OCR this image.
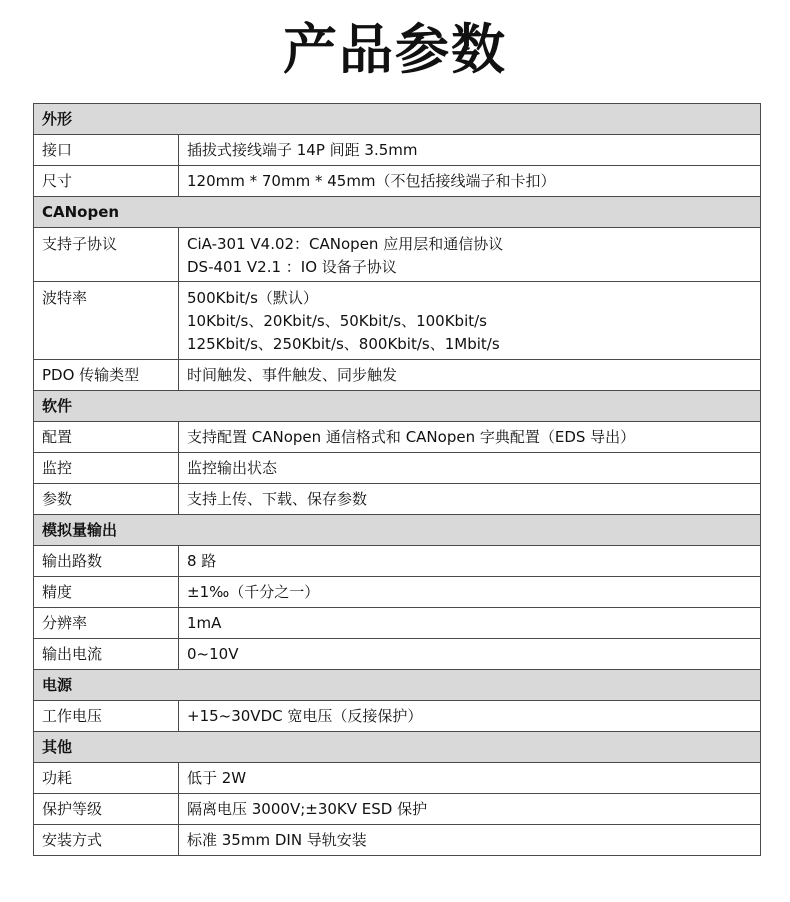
产品参数
外形	
接口	插拔式接线端子 14P 间距 3.5mm

尺寸	120mm * 70mm * 45mm（不包括接线端子和卡扣）

CANopen	
支持子协议	CiA-301 V4.02：CANopen 应用层和通信协议
DS-401 V2.1 ：IO 设备子协议

波特率	500Kbit/s（默认）
10Kbit/s、20Kbit/s、50Kbit/s、100Kbit/s
125Kbit/s、250Kbit/s、800Kbit/s、1Mbit/s

PDO 传输类型	时间触发、事件触发、同步触发

软件	
配置	支持配置 CANopen 通信格式和 CANopen 字典配置（EDS 导出）

监控	监控输出状态

参数	支持上传、下载、保存参数

模拟量输出	
输出路数	8 路

精度	±1‰（千分之一）

分辨率	1mA

输出电流	0~10V

电源	
工作电压	+15~30VDC 宽电压（反接保护）

其他	
功耗	低于 2W

保护等级	隔离电压 3000V;±30KV ESD 保护

安装方式	标准 35mm DIN 导轨安装
